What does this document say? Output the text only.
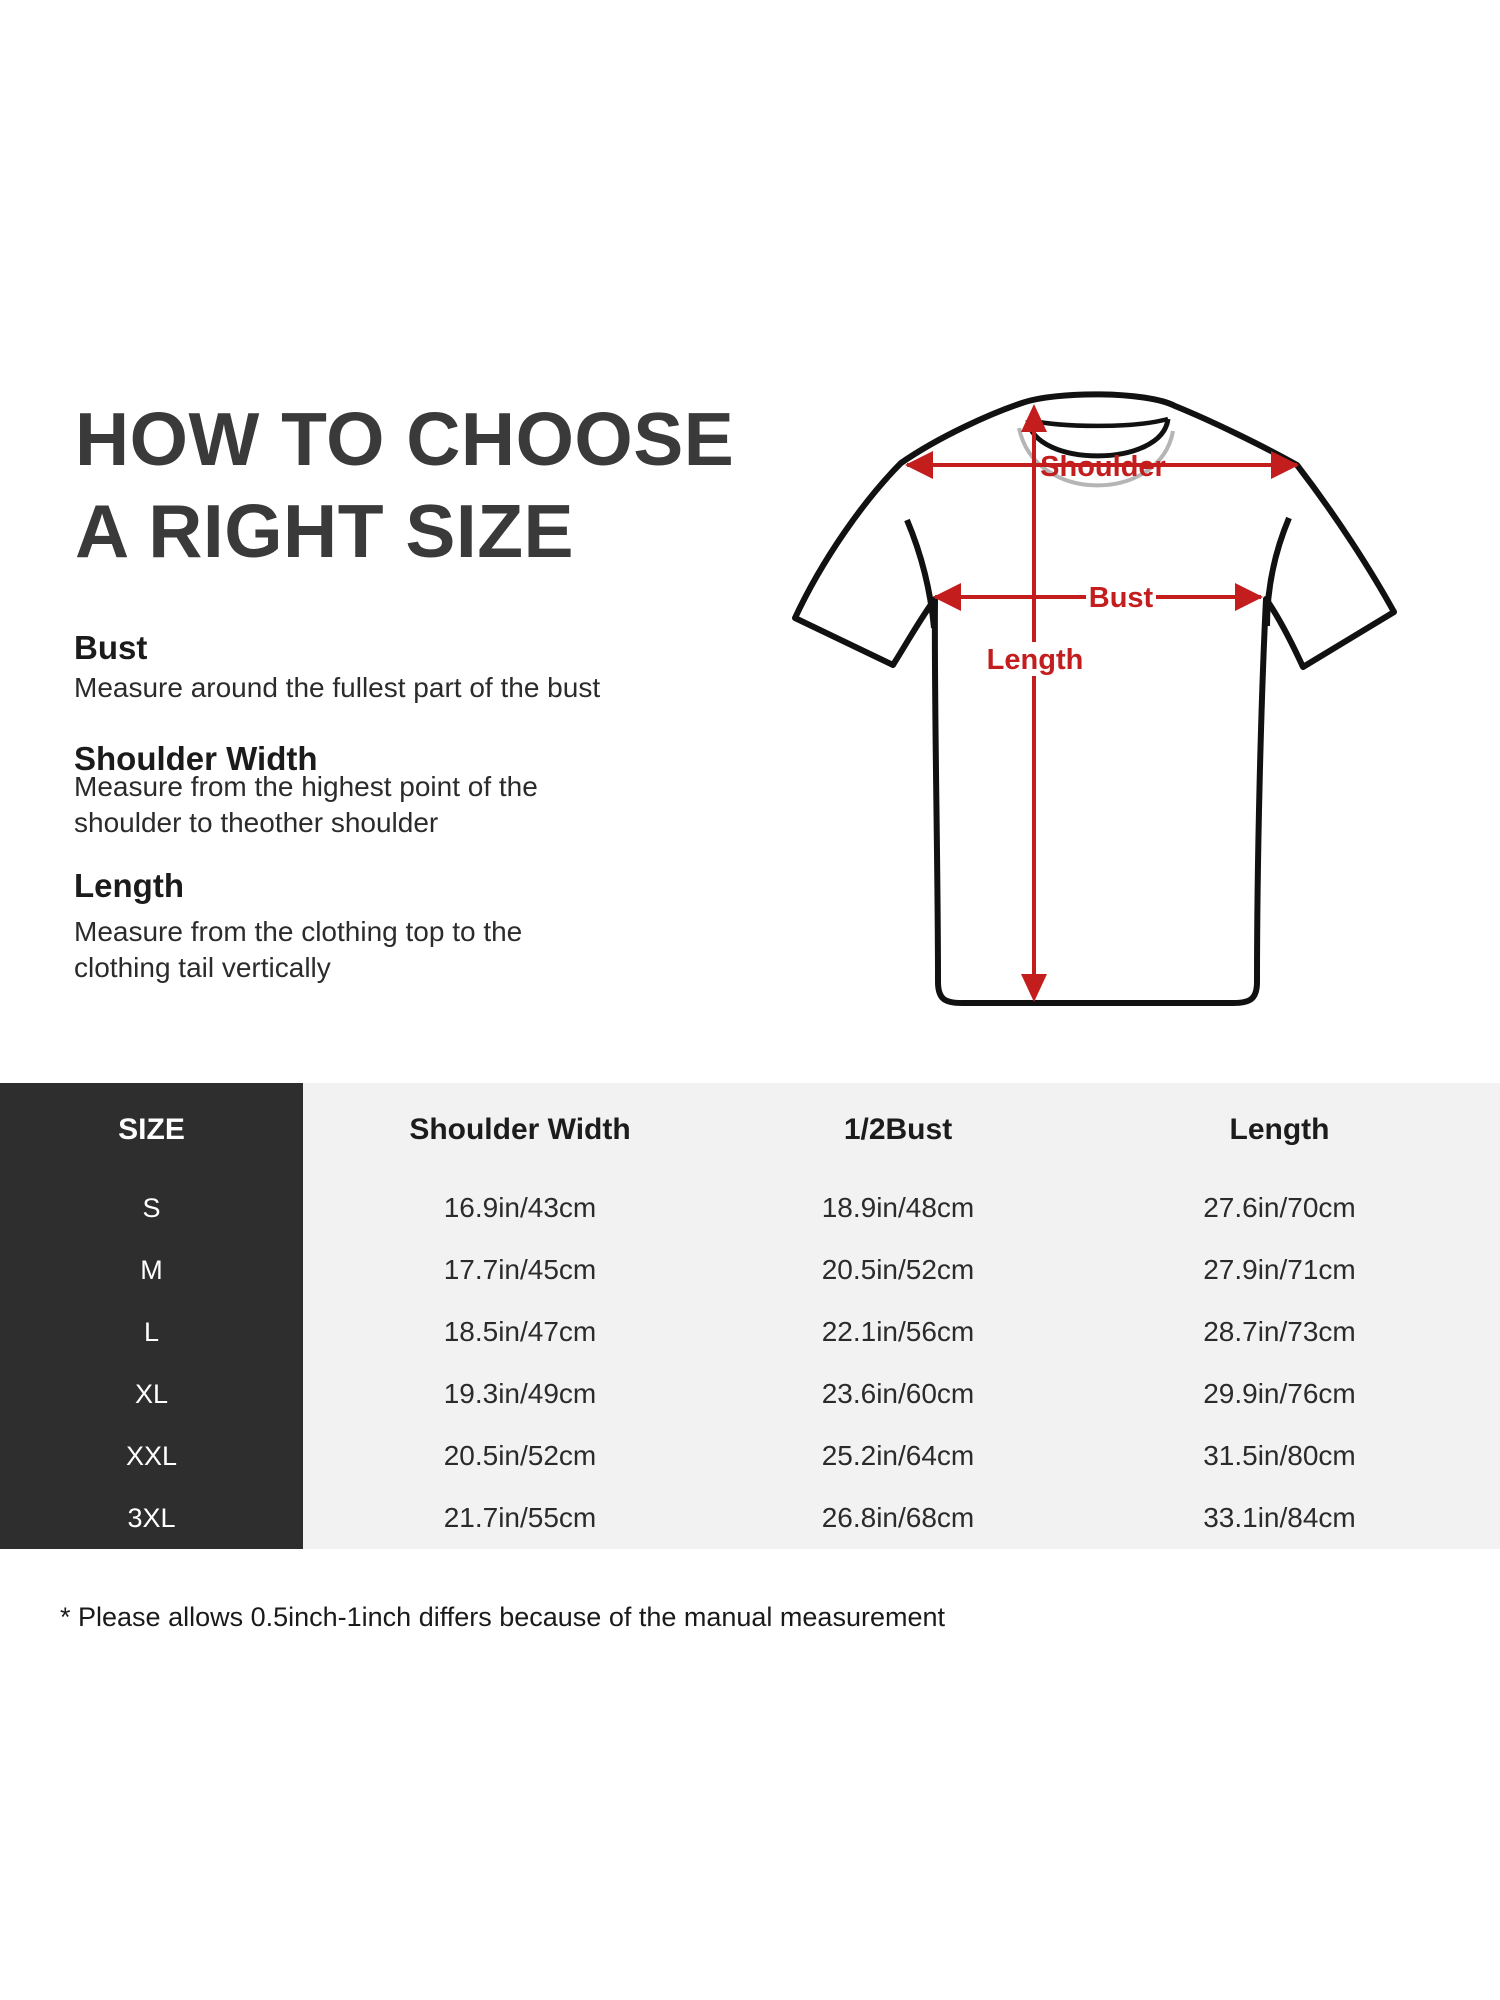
HOW TO CHOOSE
A RIGHT SIZE
Bust
Measure around the fullest part of the bust
Shoulder Width
Measure from the highest point of the
shoulder to theother shoulder
Length
Measure from the clothing top to the
clothing tail vertically
Shoulder
Length
Bust
SIZE	Shoulder Width	1/2Bust	Length
S	16.9in/43cm	18.9in/48cm	27.6in/70cm
M	17.7in/45cm	20.5in/52cm	27.9in/71cm
L	18.5in/47cm	22.1in/56cm	28.7in/73cm
XL	19.3in/49cm	23.6in/60cm	29.9in/76cm
XXL	20.5in/52cm	25.2in/64cm	31.5in/80cm
3XL	21.7in/55cm	26.8in/68cm	33.1in/84cm
* Please allows 0.5inch-1inch differs because of the manual measurement
